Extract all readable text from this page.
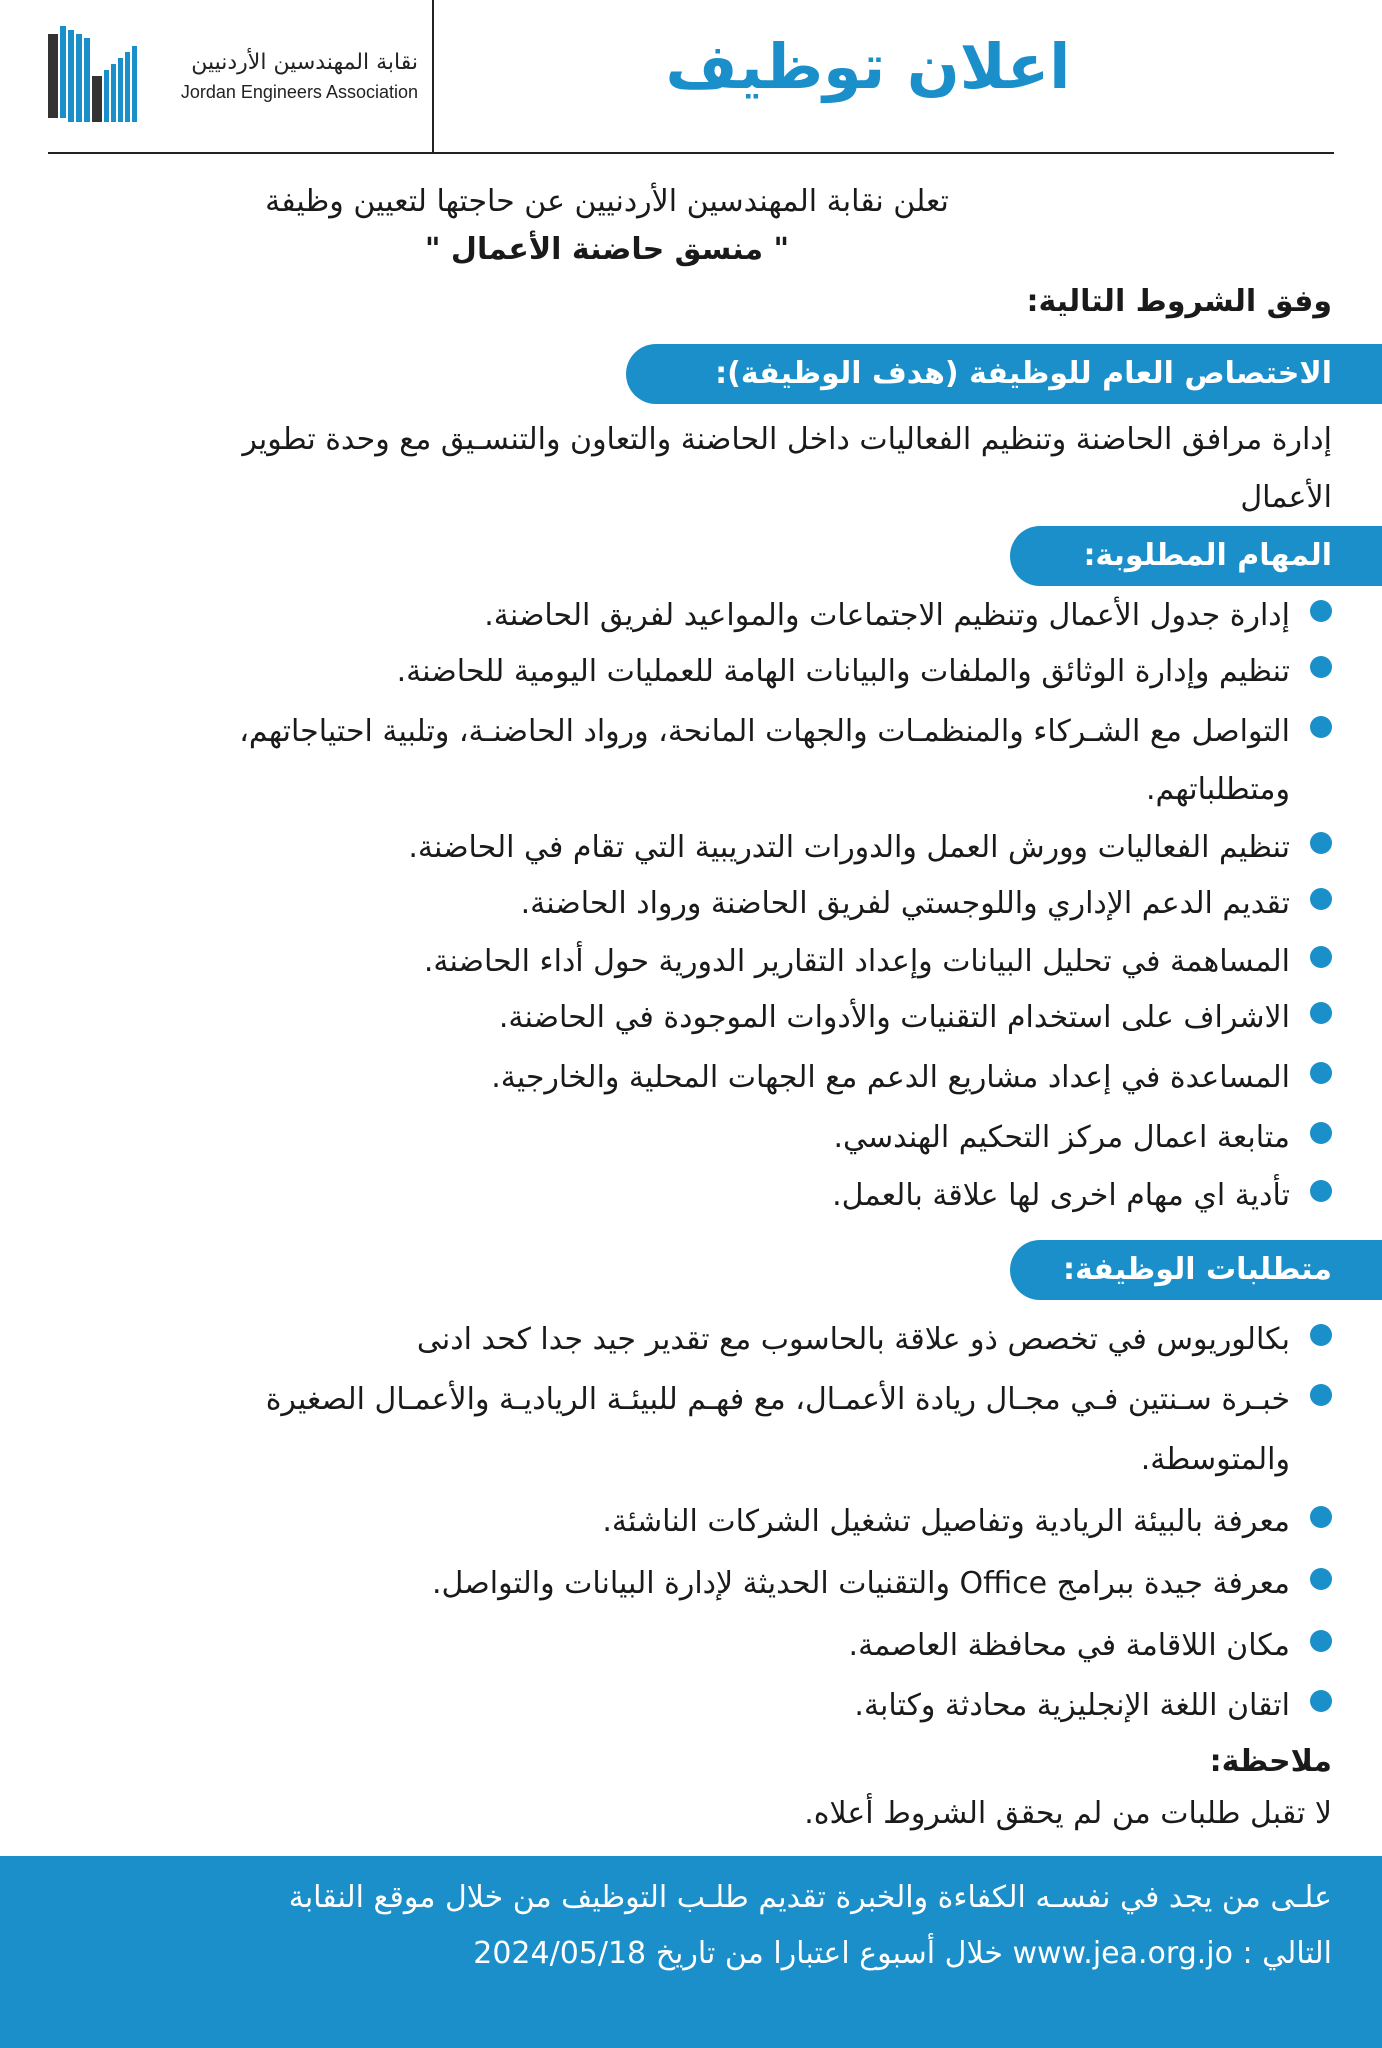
نقابة المهندسين الأردنيين
Jordan Engineers Association	اعلان توظيف
تعلن نقابة المهندسين الأردنيين عن حاجتها لتعيين وظيفة
" منسق حاضنة الأعمال "
وفق الشروط التالية:
الاختصاص العام للوظيفة (هدف الوظيفة):
إدارة مرافق الحاضنة وتنظيم الفعاليات داخل الحاضنة والتعاون والتنسـيق مع وحدة تطوير
الأعمال
المهام المطلوبة:
إدارة جدول الأعمال وتنظيم الاجتماعات والمواعيد لفريق الحاضنة.
تنظيم وإدارة الوثائق والملفات والبيانات الهامة للعمليات اليومية للحاضنة.
التواصل مع الشـركاء والمنظمـات والجهات المانحة، ورواد الحاضنـة، وتلبية احتياجاتهم،
ومتطلباتهم.
تنظيم الفعاليات وورش العمل والدورات التدريبية التي تقام في الحاضنة.
تقديم الدعم الإداري واللوجستي لفريق الحاضنة ورواد الحاضنة.
المساهمة في تحليل البيانات وإعداد التقارير الدورية حول أداء الحاضنة.
الاشراف على استخدام التقنيات والأدوات الموجودة في الحاضنة.
المساعدة في إعداد مشاريع الدعم مع الجهات المحلية والخارجية.
متابعة اعمال مركز التحكيم الهندسي.
تأدية اي مهام اخرى لها علاقة بالعمل.
متطلبات الوظيفة:
بكالوريوس في تخصص ذو علاقة بالحاسوب مع تقدير جيد جدا كحد ادنى
خبـرة سـنتين فـي مجـال ريادة الأعمـال، مع فهـم للبيئـة الرياديـة والأعمـال الصغيرة
والمتوسطة.
معرفة بالبيئة الريادية وتفاصيل تشغيل الشركات الناشئة.
معرفة جيدة ببرامج Office والتقنيات الحديثة لإدارة البيانات والتواصل.
مكان اللاقامة في محافظة العاصمة.
اتقان اللغة الإنجليزية محادثة وكتابة.
ملاحظة:
لا تقبل طلبات من لم يحقق الشروط أعلاه.
علـى من يجد في نفسـه الكفاءة والخبرة تقديم طلـب التوظيف من خلال موقع النقابة
التالي : www.jea.org.jo خلال أسبوع اعتبارا من تاريخ 2024/05/18
